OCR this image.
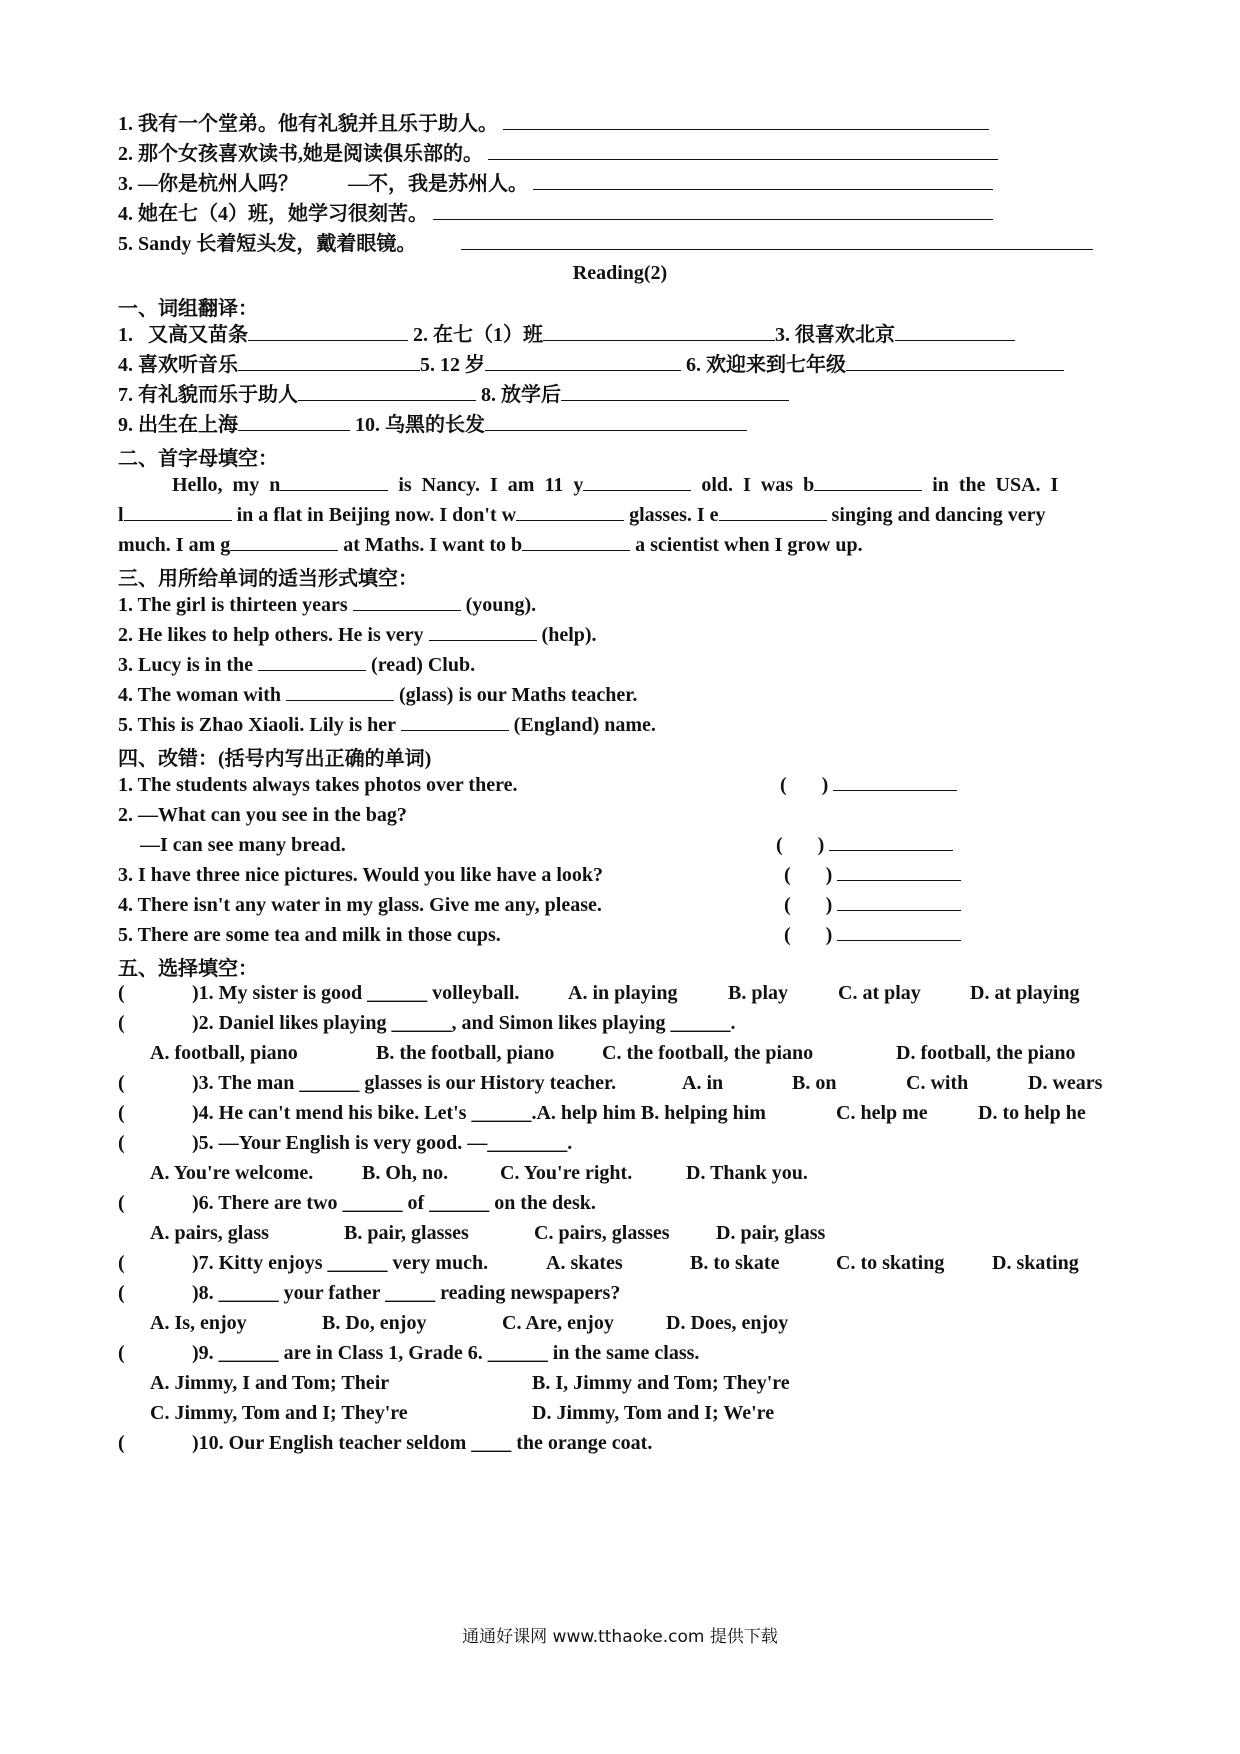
1. 我有一个堂弟。他有礼貌并且乐于助人。
2. 那个女孩喜欢读书,她是阅读俱乐部的。
3. —你是杭州人吗？          —不，我是苏州人。
4. 她在七（4）班，她学习很刻苦。
5. Sandy 长着短头发，戴着眼镜。
Reading(2)
一、词组翻译：
1.   又高又苗条	2. 在七（1）班	3. 很喜欢北京
4. 喜欢听音乐	5. 12 岁	6. 欢迎来到七年级
7. 有礼貌而乐于助人	8. 放学后
9. 出生在上海	10. 乌黑的长发
二、首字母填空：
Hello,  my  n	is  Nancy.  I  am  11  y	old.  I  was  b	in  the  USA.  I
l	in a flat in Beijing now. I don't w	glasses. I e	singing and dancing very
much. I am g	at Maths. I want to b	a scientist when I grow up.
三、用所给单词的适当形式填空：
1. The girl is thirteen years	(young).
2. He likes to help others. He is very	(help).
3. Lucy is in the	(read) Club.
4. The woman with	(glass) is our Maths teacher.
5. This is Zhao Xiaoli. Lily is her	(England) name.
四、改错：(括号内写出正确的单词)
1. The students always takes photos over there.	(       )
2. —What can you see in the bag?
—I can see many bread.	(       )
3. I have three nice pictures. Would you like have a look?	(       )
4. There isn't any water in my glass. Give me any, please.	(       )
5. There are some tea and milk in those cups.	(       )
五、选择填空：
(	)1. My sister is good ______ volleyball. A. in playing	B. play C. at play D. at playing
(	)2. Daniel likes playing ______, and Simon likes playing ______.
A. football, piano	B. the football, piano C. the football, the piano	D. football, the piano
(	)3. The man ______ glasses is our History teacher.	A. in	B. on	C. with	D. wears
(	)4. He can't mend his bike. Let's ______.A. help him B. helping him	C. help me	D. to help he
(	)5. —Your English is very good. —________.
A. You're welcome. B. Oh, no.	C. You're right.	D. Thank you.
(	)6. There are two ______ of ______ on the desk.
A. pairs, glass	B. pair, glasses	C. pairs, glasses D. pair, glass
(	)7. Kitty enjoys ______ very much.	A. skates	B. to skate	C. to skating D. skating
(	)8. ______ your father _____ reading newspapers?
A. Is, enjoy	B. Do, enjoy	C. Are, enjoy	D. Does, enjoy
(	)9. ______ are in Class 1, Grade 6. ______ in the same class.
A. Jimmy, I and Tom; Their	B. I, Jimmy and Tom; They're
C. Jimmy, Tom and I; They're	D. Jimmy, Tom and I; We're
(	)10. Our English teacher seldom ____ the orange coat.
通通好课网 www.tthaoke.com 提供下载
